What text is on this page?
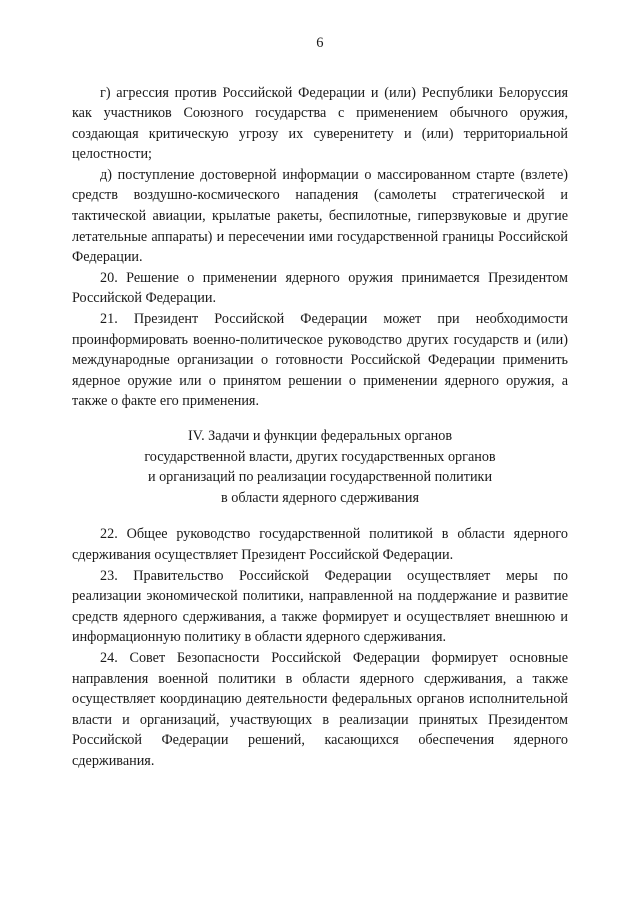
6

г) агрессия против Российской Федерации и (или) Республики Белоруссия как участников Союзного государства с применением обычного оружия, создающая критическую угрозу их суверенитету и (или) территориальной целостности;

д) поступление достоверной информации о массированном старте (взлете) средств воздушно-космического нападения (самолеты стратегической и тактической авиации, крылатые ракеты, беспилотные, гиперзвуковые и другие летательные аппараты) и пересечении ими государственной границы Российской Федерации.

20. Решение о применении ядерного оружия принимается Президентом Российской Федерации.

21. Президент Российской Федерации может при необходимости проинформировать военно-политическое руководство других государств и (или) международные организации о готовности Российской Федерации применить ядерное оружие или о принятом решении о применении ядерного оружия, а также о факте его применения.

IV. Задачи и функции федеральных органов

государственной власти, других государственных органов

и организаций по реализации государственной политики

в области ядерного сдерживания

22. Общее руководство государственной политикой в области ядерного сдерживания осуществляет Президент Российской Федерации.

23. Правительство Российской Федерации осуществляет меры по реализации экономической политики, направленной на поддержание и развитие средств ядерного сдерживания, а также формирует и осуществляет внешнюю и информационную политику в области ядерного сдерживания.

24. Совет Безопасности Российской Федерации формирует основные направления военной политики в области ядерного сдерживания, а также осуществляет координацию деятельности федеральных органов исполнительной власти и организаций, участвующих в реализации принятых Президентом Российской Федерации решений, касающихся обеспечения ядерного сдерживания.
